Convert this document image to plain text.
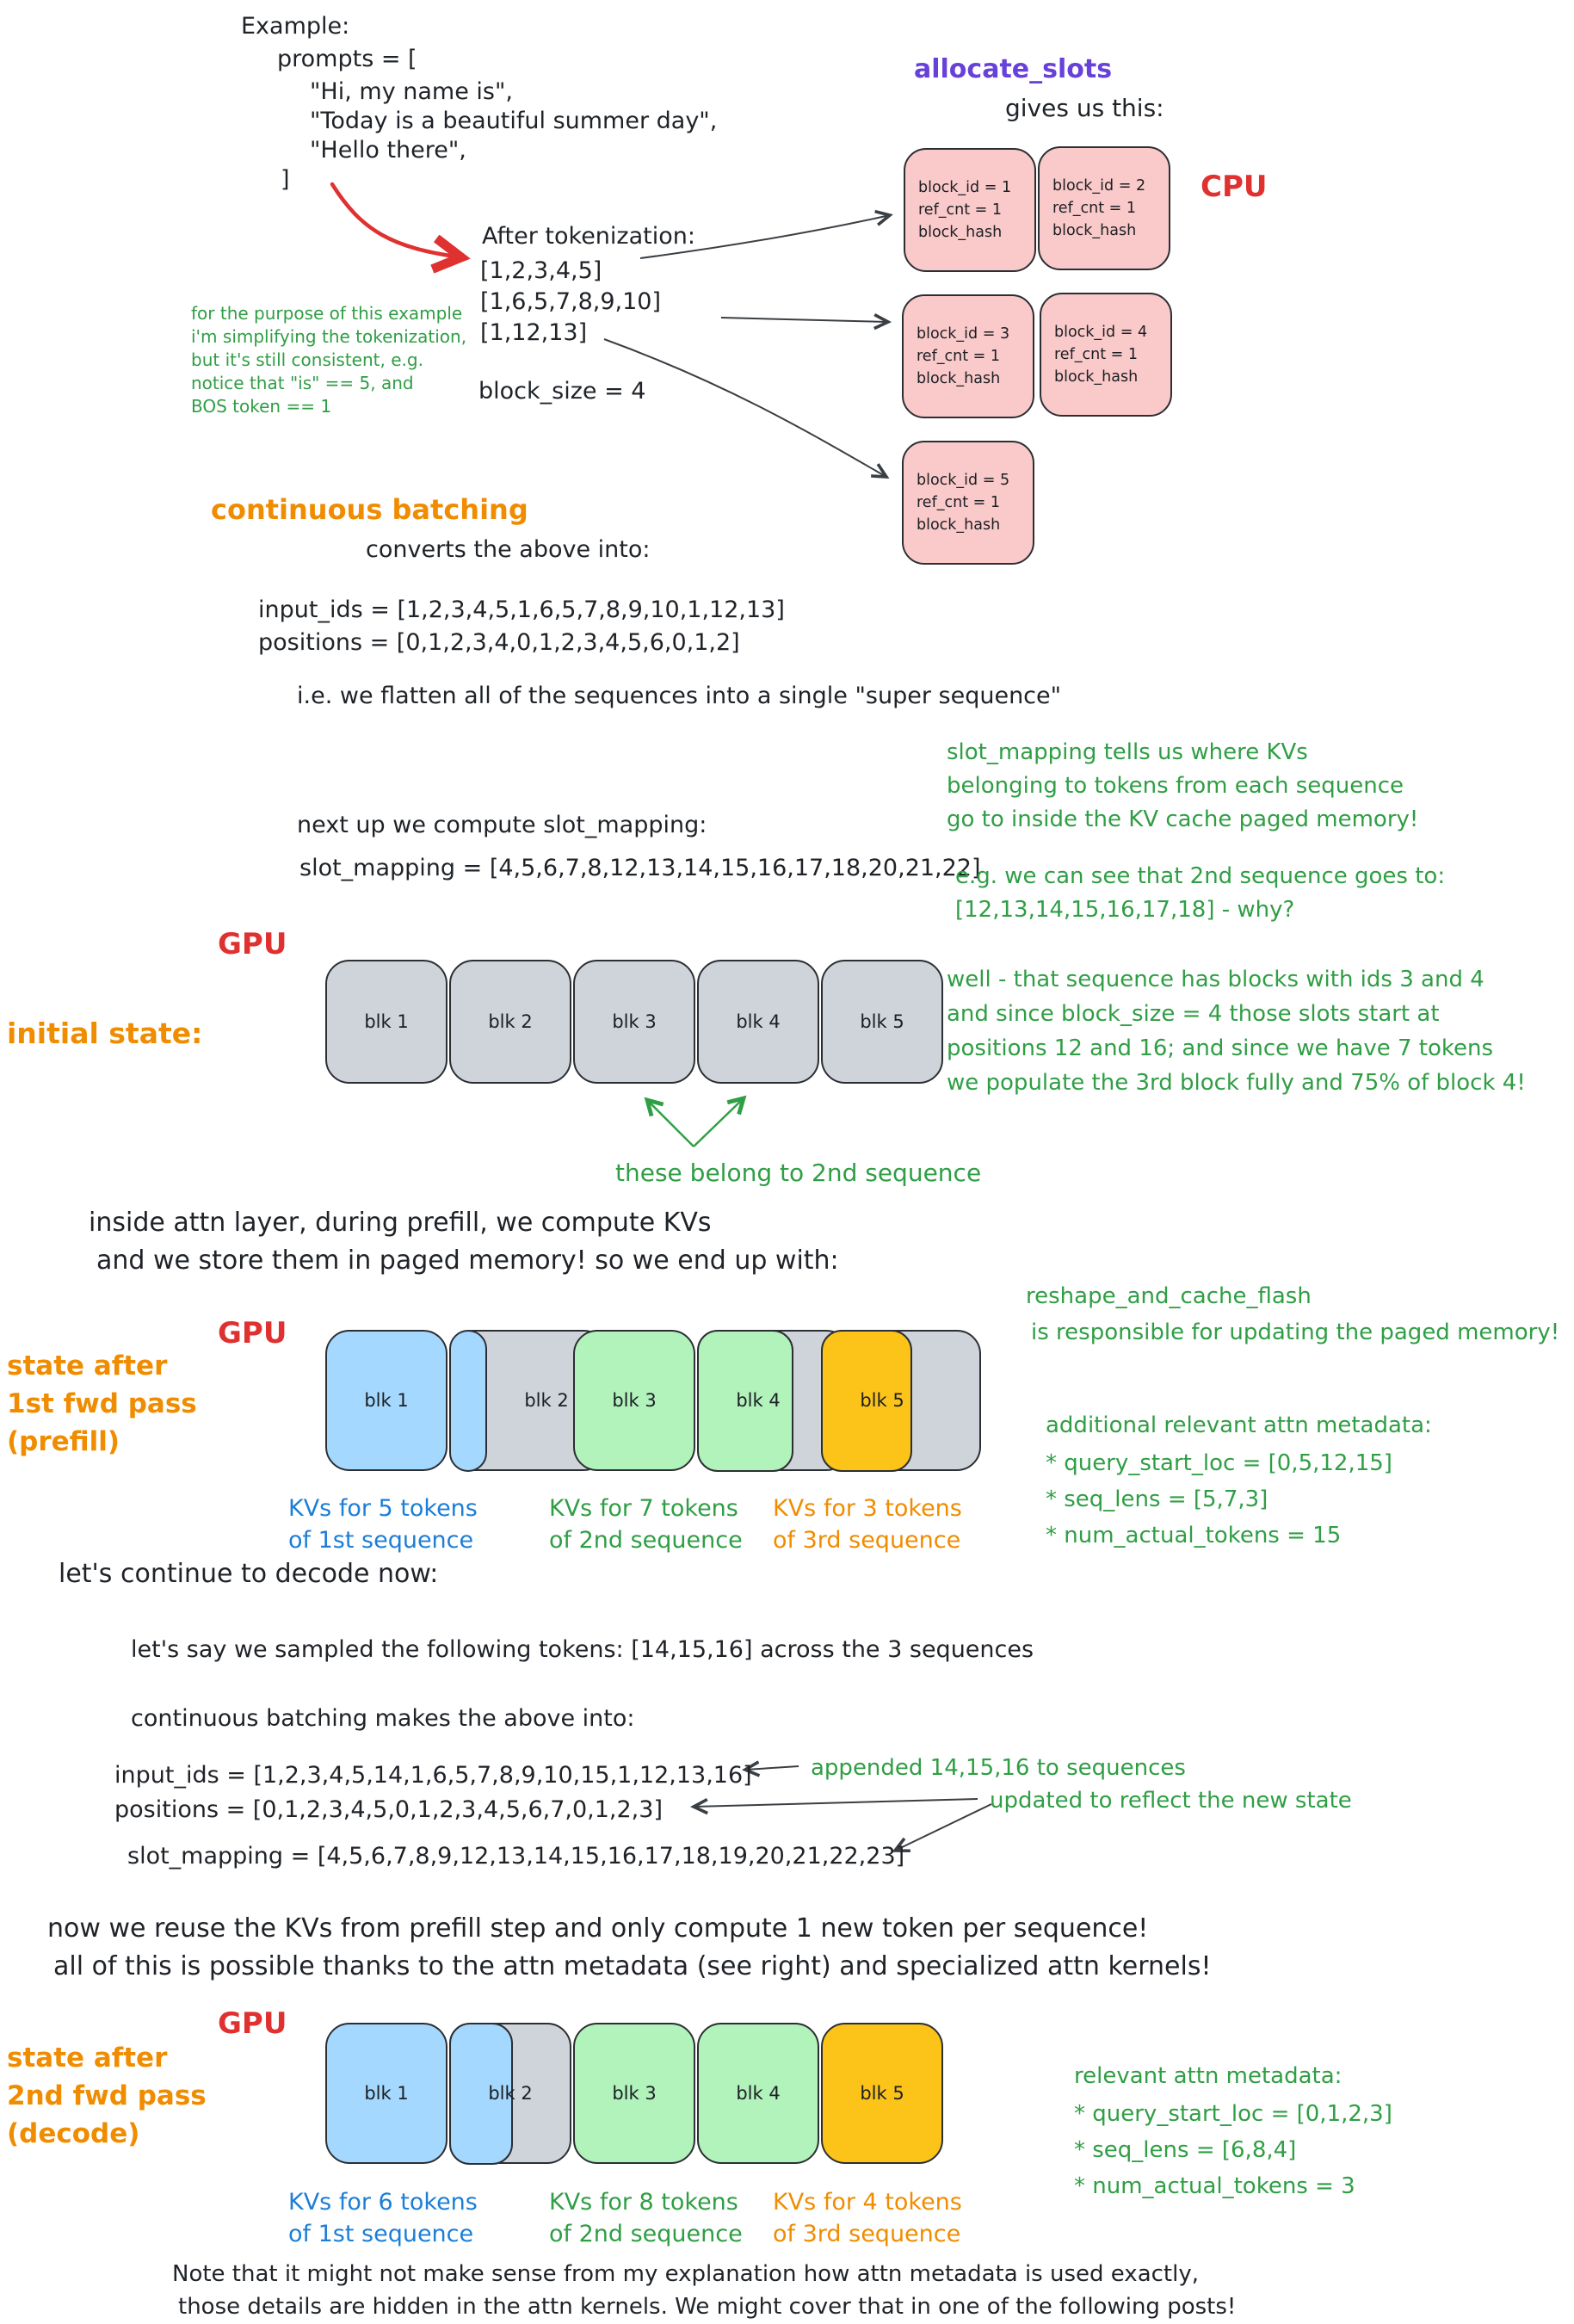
Example:
prompts = [
"Hi, my name is",
"Today is a beautiful summer day",
"Hello there",
]
After tokenization:
[1,2,3,4,5]
[1,6,5,7,8,9,10]
[1,12,13]
block_size = 4
for the purpose of this example
i'm simplifying the tokenization,
but it's still consistent, e.g.
notice that "is" == 5, and
BOS token == 1
allocate_slots
gives us this:
CPU
block_id = 1
ref_cnt = 1
block_hash
block_id = 2
ref_cnt = 1
block_hash
block_id = 3
ref_cnt = 1
block_hash
block_id = 4
ref_cnt = 1
block_hash
block_id = 5
ref_cnt = 1
block_hash
continuous batching
converts the above into:
input_ids = [1,2,3,4,5,1,6,5,7,8,9,10,1,12,13]
positions = [0,1,2,3,4,0,1,2,3,4,5,6,0,1,2]
i.e. we flatten all of the sequences into a single "super sequence"
next up we compute slot_mapping:
slot_mapping = [4,5,6,7,8,12,13,14,15,16,17,18,20,21,22]
slot_mapping tells us where KVs
belonging to tokens from each sequence
go to inside the KV cache paged memory!
e.g. we can see that 2nd sequence goes to:
[12,13,14,15,16,17,18] - why?
GPU
initial state:	blk 1	blk 2	blk 3	blk 4	blk 5
these belong to 2nd sequence
well - that sequence has blocks with ids 3 and 4
and since block_size = 4 those slots start at
positions 12 and 16; and since we have 7 tokens
we populate the 3rd block fully and 75% of block 4!
inside attn layer, during prefill, we compute KVs
and we store them in paged memory! so we end up with:
GPU
state after
1st fwd pass
(prefill)
blk 1	blk 2 blk 3	blk 4	blk 5
KVs for 5 tokens
of 1st sequence
KVs for 7 tokens
of 2nd sequence
KVs for 3 tokens
of 3rd sequence
reshape_and_cache_flash
is responsible for updating the paged memory!
additional relevant attn metadata:
* query_start_loc = [0,5,12,15]
* seq_lens = [5,7,3]
* num_actual_tokens = 15
let's continue to decode now:
let's say we sampled the following tokens: [14,15,16] across the 3 sequences
continuous batching makes the above into:
input_ids = [1,2,3,4,5,14,1,6,5,7,8,9,10,15,1,12,13,16]
positions = [0,1,2,3,4,5,0,1,2,3,4,5,6,7,0,1,2,3]
slot_mapping = [4,5,6,7,8,9,12,13,14,15,16,17,18,19,20,21,22,23]
appended 14,15,16 to sequences
updated to reflect the new state
now we reuse the KVs from prefill step and only compute 1 new token per sequence!
all of this is possible thanks to the attn metadata (see right) and specialized attn kernels!
GPU
state after
2nd fwd pass
(decode)
blk 1	blk 2	blk 3	blk 4	blk 5
KVs for 6 tokens
of 1st sequence
KVs for 8 tokens
of 2nd sequence
KVs for 4 tokens
of 3rd sequence
relevant attn metadata:
* query_start_loc = [0,1,2,3]
* seq_lens = [6,8,4]
* num_actual_tokens = 3
Note that it might not make sense from my explanation how attn metadata is used exactly,
those details are hidden in the attn kernels. We might cover that in one of the following posts!
